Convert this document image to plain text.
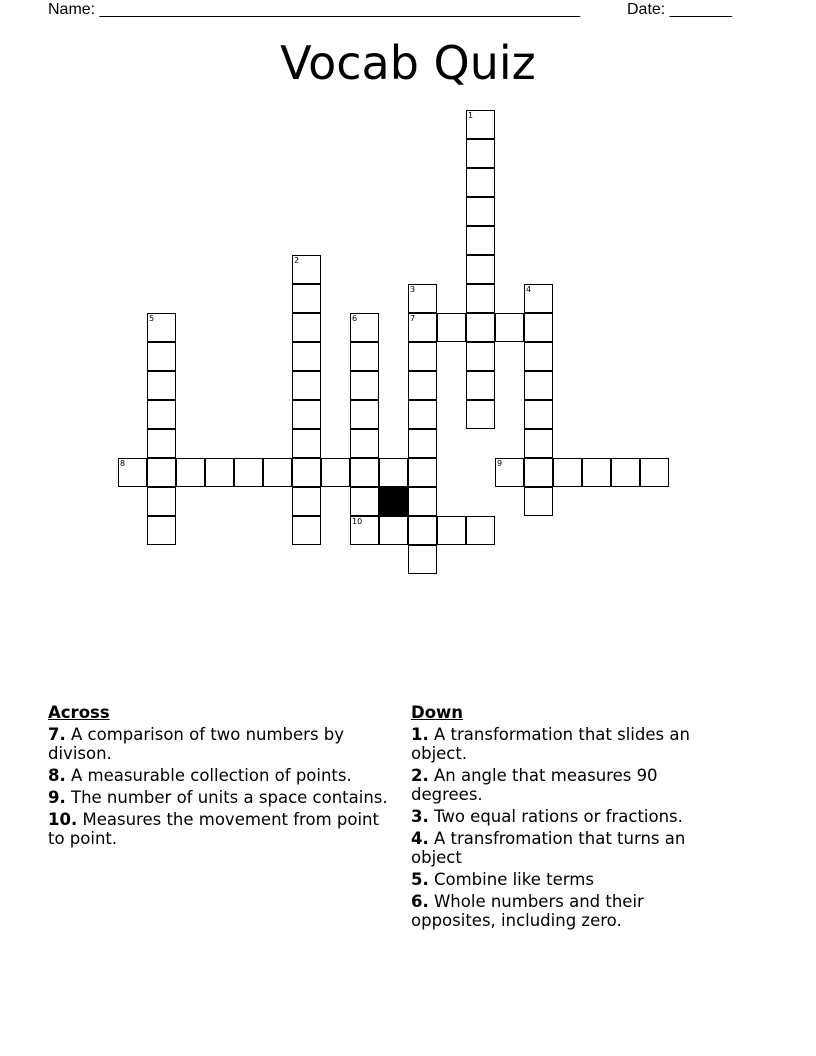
Name: ______________________________________________________	Date: _______
Vocab Quiz
1
2
3
7
4
5	6
10
8	9
Across
7. A comparison of two numbers by divison.
8. A measurable collection of points.
9. The number of units a space contains.
10. Measures the movement from point to point.
Down
1. A transformation that slides an object.
2. An angle that measures 90 degrees.
3. Two equal rations or fractions.
4. A transfromation that turns an object
5. Combine like terms
6. Whole numbers and their opposites, including zero.
